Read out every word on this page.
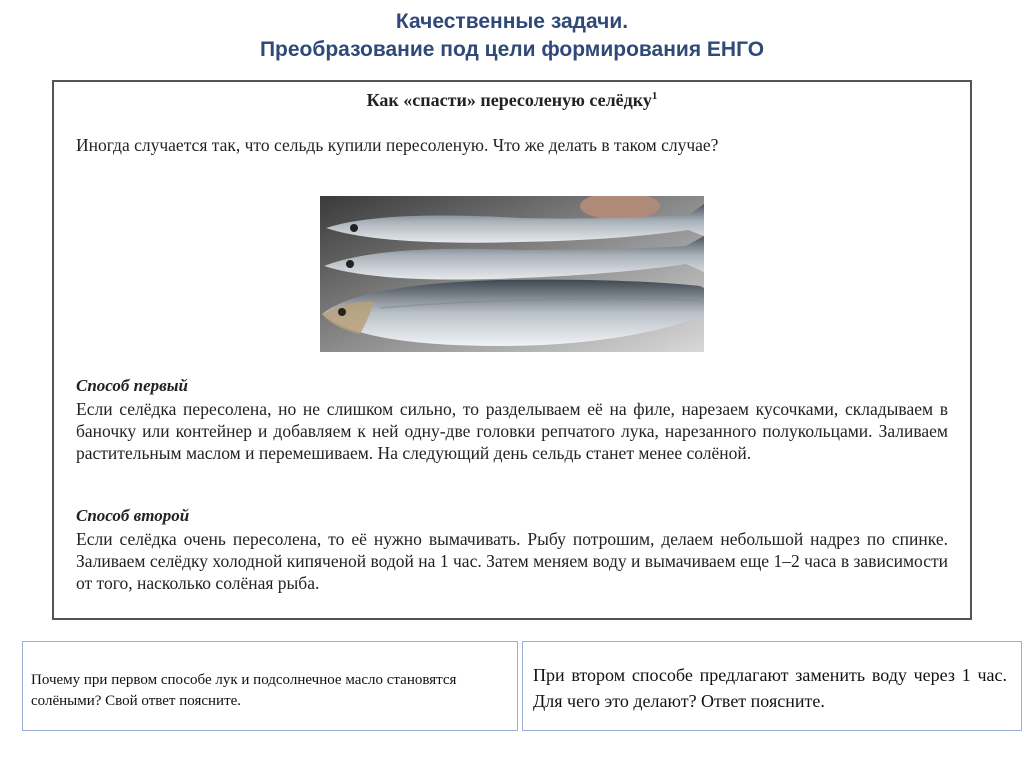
Качественные задачи.
Преобразование под цели формирования ЕНГО
Как «спасти» пересоленую селёдку$^1$
Иногда случается так, что сельдь купили пересоленую. Что же делать в таком случае?
Способ первый
Если селёдка пересолена, но не слишком сильно, то разделываем её на филе, нарезаем кусочками, складываем в баночку или контейнер и добавляем к ней одну-две головки репчатого лука, нарезанного полукольцами. Заливаем растительным маслом и перемешиваем. На следующий день сельдь станет менее солёной.
Способ второй
Если селёдка очень пересолена, то её нужно вымачивать. Рыбу потрошим, делаем небольшой надрез по спинке. Заливаем селёдку холодной кипяченой водой на 1 час. Затем меняем воду и вымачиваем еще 1–2 часа в зависимости от того, насколько солёная рыба.
Почему при первом способе лук и подсолнечное масло становятся солёными? Свой ответ поясните.
При втором способе предлагают заменить воду через 1 час. Для чего это делают? Ответ поясните.
